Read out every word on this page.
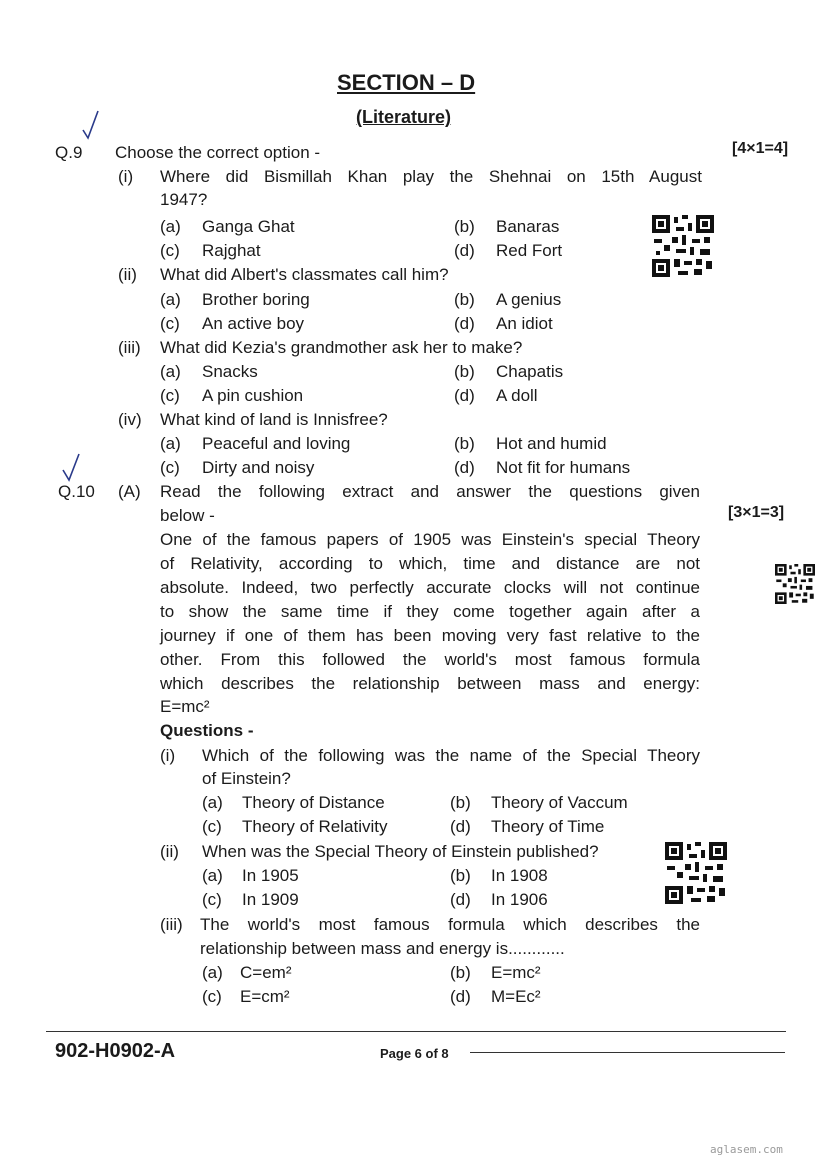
SECTION – D
(Literature)
Q.9 Choose the correct option -	[4×1=4]
(i) Where did Bismillah Khan play the Shehnai on 15th August
1947?
(a) Ganga Ghat	(b) Banaras
(c) Rajghat	(d) Red Fort
(ii) What did Albert's classmates call him?
(a) Brother boring	(b) A genius
(c) An active boy	(d) An idiot
(iii) What did Kezia's grandmother ask her to make?
(a) Snacks	(b) Chapatis
(c) A pin cushion	(d) A doll
(iv) What kind of land is Innisfree?
(a) Peaceful and loving	(b) Hot and humid
(c) Dirty and noisy	(d) Not fit for humans
Q.10 (A) Read the following extract and answer the questions given
below -	[3×1=3]
One of the famous papers of 1905 was Einstein's special Theory
of Relativity, according to which, time and distance are not
absolute. Indeed, two perfectly accurate clocks will not continue
to show the same time if they come together again after a
journey if one of them has been moving very fast relative to the
other. From this followed the world's most famous formula
which describes the relationship between mass and energy:
E=mc²
Questions -
(i) Which of the following was the name of the Special Theory
of Einstein?
(a) Theory of Distance	(b) Theory of Vaccum
(c) Theory of Relativity	(d) Theory of Time
(ii) When was the Special Theory of Einstein published?
(a) In 1905	(b) In 1908
(c) In 1909	(d) In 1906
(iii) The world's most famous formula which describes the
relationship between mass and energy is............
(a) C=em²	(b) E=mc²
(c) E=cm²	(d) M=Ec²
902-H0902-A	Page 6 of 8
aglasem.com
